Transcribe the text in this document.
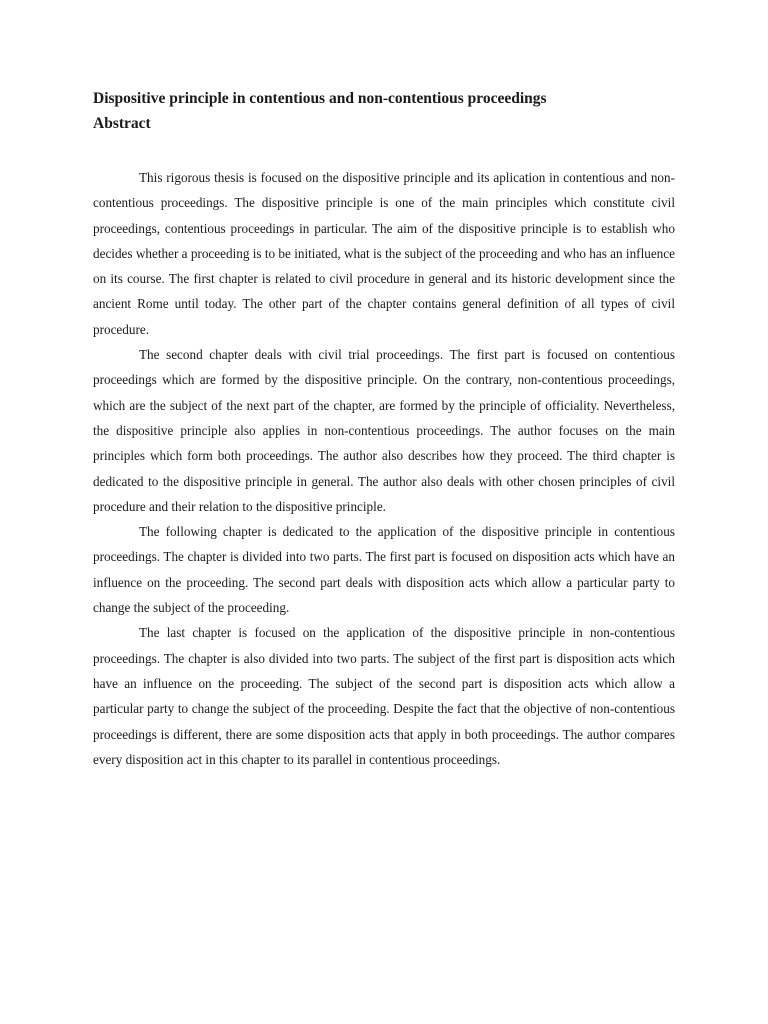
Dispositive principle in contentious and non-contentious proceedings
Abstract

This rigorous thesis is focused on the dispositive principle and its aplication in contentious and non-contentious proceedings. The dispositive principle is one of the main principles which constitute civil proceedings, contentious proceedings in particular. The aim of the dispositive principle is to establish who decides whether a proceeding is to be initiated, what is the subject of the proceeding and who has an influence on its course. The first chapter is related to civil procedure in general and its historic development since the ancient Rome until today. The other part of the chapter contains general definition of all types of civil procedure.

The second chapter deals with civil trial proceedings. The first part is focused on contentious proceedings which are formed by the dispositive principle. On the contrary, non-contentious proceedings, which are the subject of the next part of the chapter, are formed by the principle of officiality. Nevertheless, the dispositive principle also applies in non-contentious proceedings. The author focuses on the main principles which form both proceedings. The author also describes how they proceed. The third chapter is dedicated to the dispositive principle in general. The author also deals with other chosen principles of civil procedure and their relation to the dispositive principle.

The following chapter is dedicated to the application of the dispositive principle in contentious proceedings. The chapter is divided into two parts. The first part is focused on disposition acts which have an influence on the proceeding. The second part deals with disposition acts which allow a particular party to change the subject of the proceeding.

The last chapter is focused on the application of the dispositive principle in non-contentious proceedings. The chapter is also divided into two parts. The subject of the first part is disposition acts which have an influence on the proceeding. The subject of the second part is disposition acts which allow a particular party to change the subject of the proceeding. Despite the fact that the objective of non-contentious proceedings is different, there are some disposition acts that apply in both proceedings. The author compares every disposition act in this chapter to its parallel in contentious proceedings.
